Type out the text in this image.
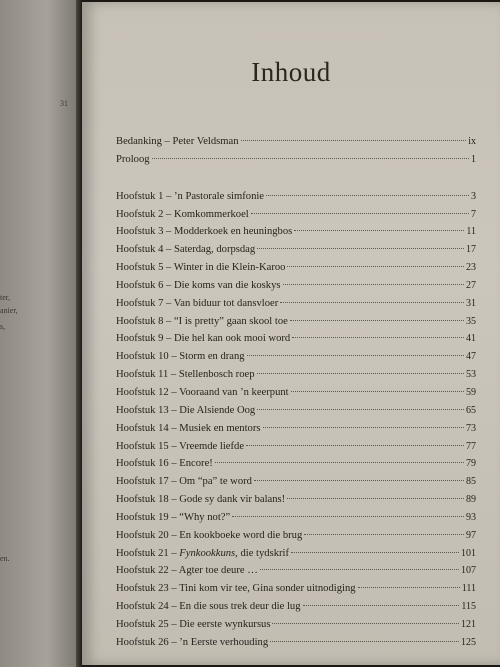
31
ter,
anier,
s,
en.
Inhoud
Bedanking – Peter Veldsman	ix
Proloog	1
Hoofstuk 1 – ’n Pastorale simfonie	3
Hoofstuk 2 – Komkommerkoel	7
Hoofstuk 3 – Modderkoek en heuningbos	11
Hoofstuk 4 – Saterdag, dorpsdag	17
Hoofstuk 5 – Winter in die Klein-Karoo	23
Hoofstuk 6 – Die koms van die koskys	27
Hoofstuk 7 – Van biduur tot dansvloer	31
Hoofstuk 8 – “I is pretty” gaan skool toe	35
Hoofstuk 9 – Die hel kan ook mooi word	41
Hoofstuk 10 – Storm en drang	47
Hoofstuk 11 – Stellenbosch roep	53
Hoofstuk 12 – Vooraand van ’n keerpunt	59
Hoofstuk 13 – Die Alsiende Oog	65
Hoofstuk 14 – Musiek en mentors	73
Hoofstuk 15 – Vreemde liefde	77
Hoofstuk 16 – Encore!	79
Hoofstuk 17 – Om “pa” te word	85
Hoofstuk 18 – Gode sy dank vir balans!	89
Hoofstuk 19 – “Why not?”	93
Hoofstuk 20 – En kookboeke word die brug	97
Hoofstuk 21 – Fynkookkuns, die tydskrif	101
Hoofstuk 22 – Agter toe deure …	107
Hoofstuk 23 – Tini kom vir tee, Gina sonder uitnodiging	111
Hoofstuk 24 – En die sous trek deur die lug	115
Hoofstuk 25 – Die eerste wynkursus	121
Hoofstuk 26 – ’n Eerste verhouding	125
